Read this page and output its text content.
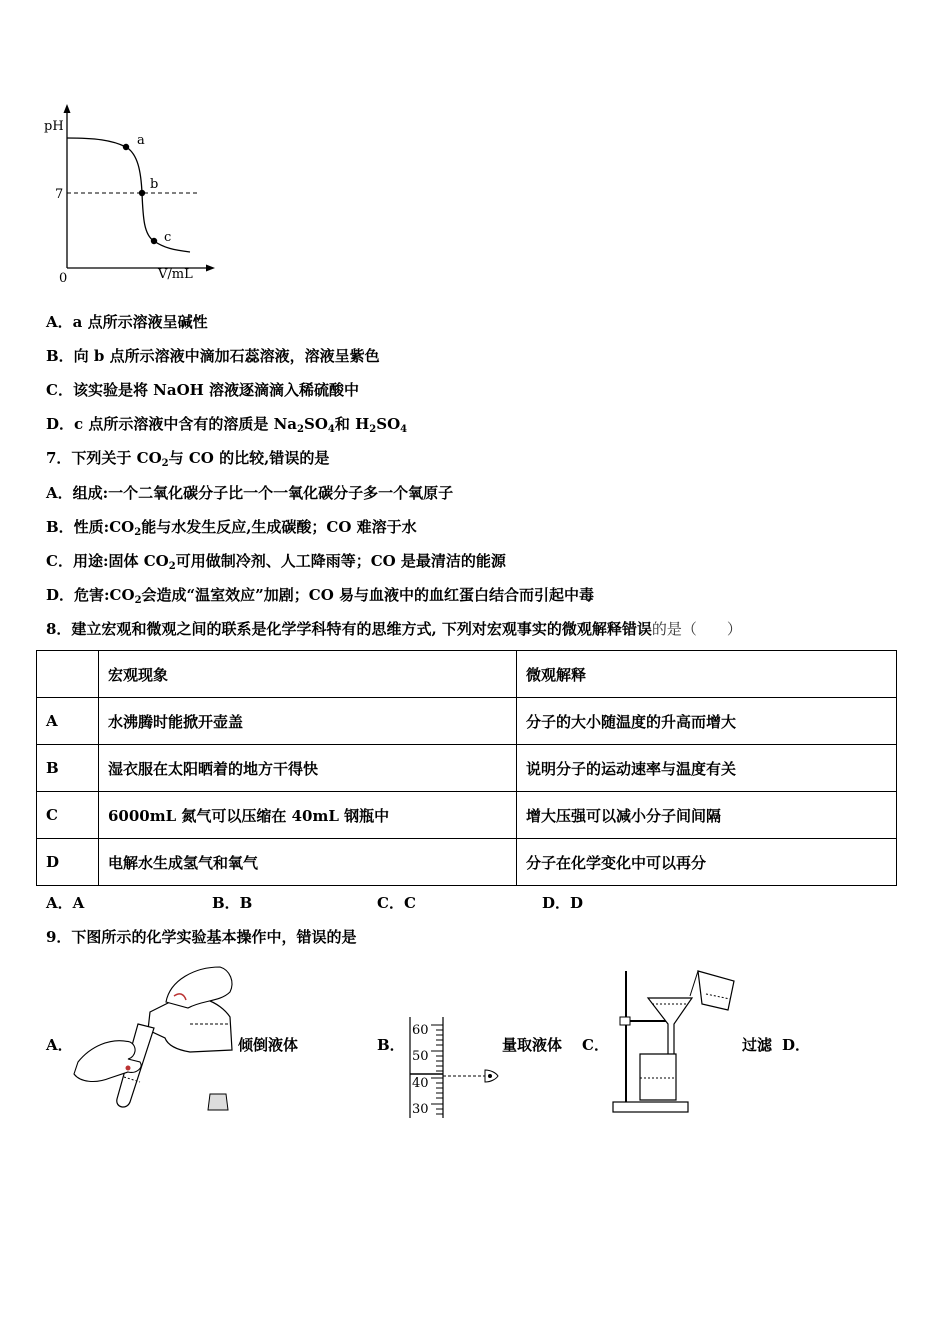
pH
7
0	V/mL
a
b
c
A．a 点所示溶液呈碱性
B．向 b 点所示溶液中滴加石蕊溶液，溶液呈紫色
C．该实验是将 NaOH 溶液逐滴滴入稀硫酸中
D．c 点所示溶液中含有的溶质是 $Na_2SO_4$和 $H_2SO_4$
7．下列关于 $CO_2$与 CO 的比较,错误的是
A．组成:一个二氧化碳分子比一个一氧化碳分子多一个氧原子
B．性质$:CO_2$能与水发生反应,生成碳酸；CO 难溶于水
C．用途:固体 $CO_2$可用做制冷剂、人工降雨等；CO 是最清洁的能源
D．危害$:CO_2$会造成“温室效应”加剧；CO 易与血液中的血红蛋白结合而引起中毒
8．建立宏观和微观之间的联系是化学学科特有的思维方式, 下列对宏观事实的微观解释错误的是（　　）
	宏观现象	微观解释
A	水沸腾时能掀开壶盖	分子的大小随温度的升高而增大
B	湿衣服在太阳晒着的地方干得快	说明分子的运动速率与温度有关
C	6000mL 氮气可以压缩在 40mL 钢瓶中	增大压强可以减小分子间间隔
D	电解水生成氢气和氧气	分子在化学变化中可以再分
A．A	B．B	C．C	D．D
9．下图所示的化学实验基本操作中，错误的是
A．	倾倒液体	B．
60
50
40
30
量取液体 C．	过滤 D．
